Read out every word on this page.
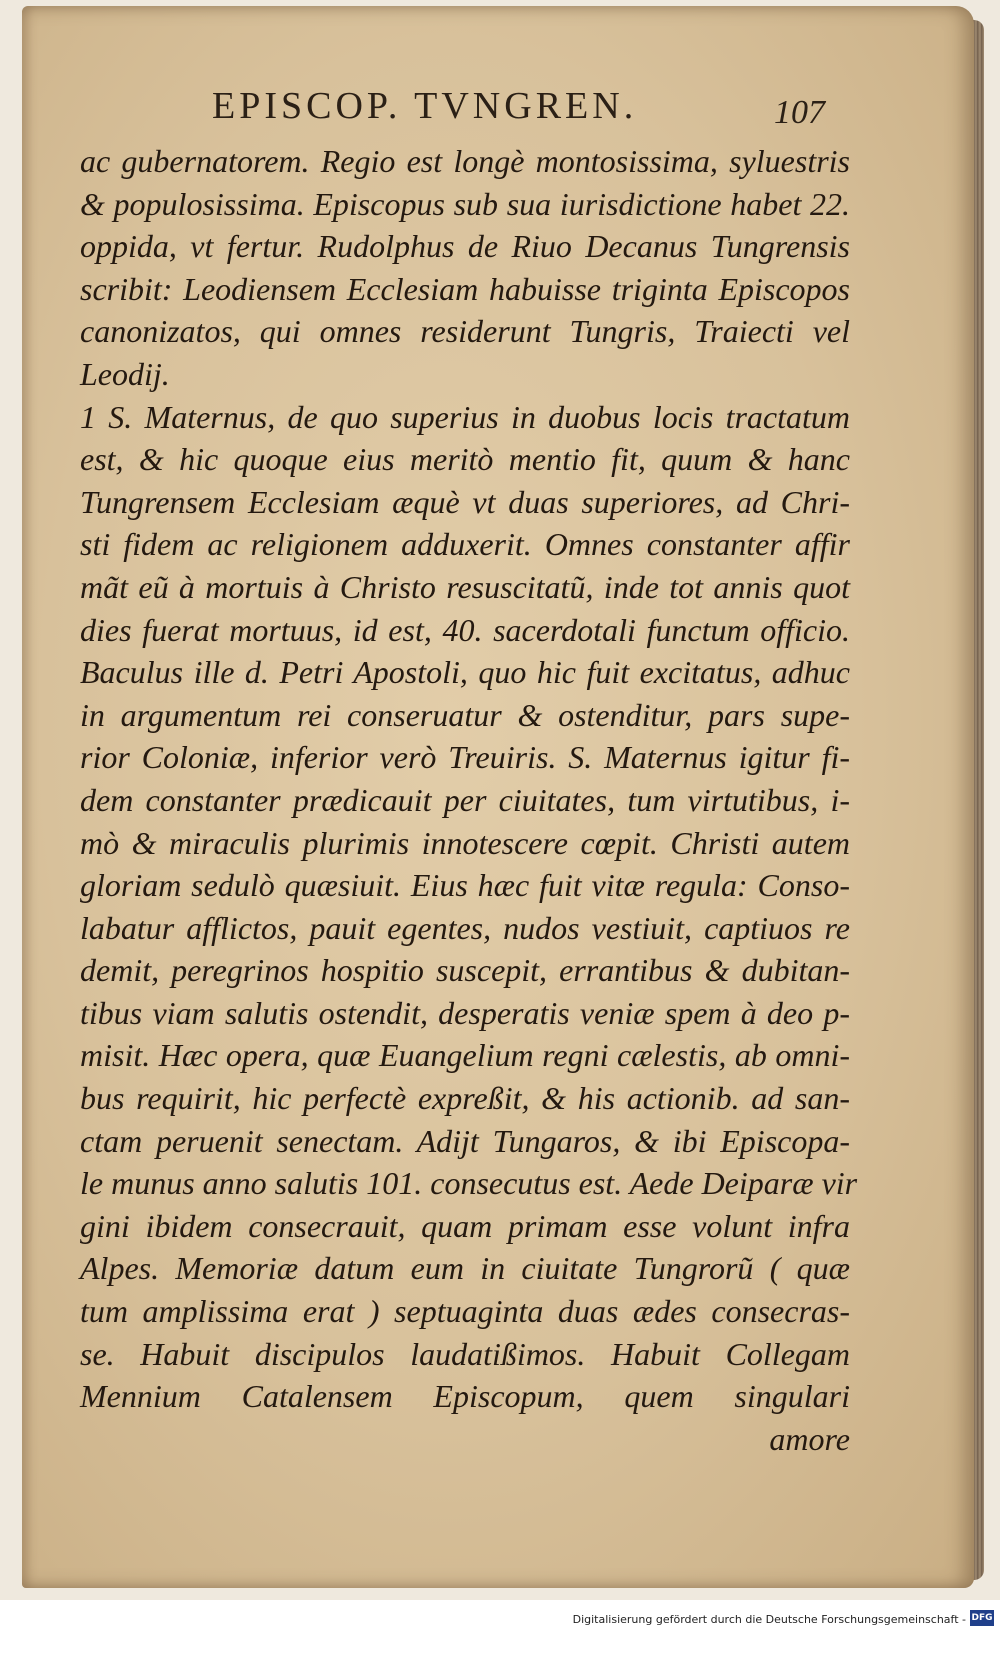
EPISCOP. TVNGREN.	107
ac gubernatorem. Regio est longè montosissima, syluestris
& populosissima. Episcopus sub sua iurisdictione habet 22.
oppida, vt fertur. Rudolphus de Riuo Decanus Tungrensis
scribit: Leodiensem Ecclesiam habuisse triginta Episcopos
canonizatos, qui omnes residerunt Tungris, Traiecti vel
Leodij.
1 S. Maternus, de quo superius in duobus locis tractatum
est, & hic quoque eius meritò mentio fit, quum & hanc
Tungrensem Ecclesiam æquè vt duas superiores, ad Chri-
sti fidem ac religionem adduxerit. Omnes constanter affir
mãt eũ à mortuis à Christo resuscitatũ, inde tot annis quot
dies fuerat mortuus, id est, 40. sacerdotali functum officio.
Baculus ille d. Petri Apostoli, quo hic fuit excitatus, adhuc
in argumentum rei conseruatur & ostenditur, pars supe-
rior Coloniæ, inferior verò Treuiris. S. Maternus igitur fi-
dem constanter prædicauit per ciuitates, tum virtutibus, i-
mò & miraculis plurimis innotescere cœpit. Christi autem
gloriam sedulò quæsiuit. Eius hæc fuit vitæ regula: Conso-
labatur afflictos, pauit egentes, nudos vestiuit, captiuos re
demit, peregrinos hospitio suscepit, errantibus & dubitan-
tibus viam salutis ostendit, desperatis veniæ spem à deo p-
misit. Hæc opera, quæ Euangelium regni cælestis, ab omni-
bus requirit, hic perfectè expreßit, & his actionib. ad san-
ctam peruenit senectam. Adijt Tungaros, & ibi Episcopa-
le munus anno salutis 101. consecutus est. Aede Deiparæ vir
gini ibidem consecrauit, quam primam esse volunt infra
Alpes. Memoriæ datum eum in ciuitate Tungrorũ ( quæ
tum amplissima erat ) septuaginta duas ædes consecras-
se. Habuit discipulos laudatißimos. Habuit Collegam
Mennium Catalensem Episcopum, quem singulari
amore
Digitalisierung gefördert durch die Deutsche Forschungsgemeinschaft - DFG
